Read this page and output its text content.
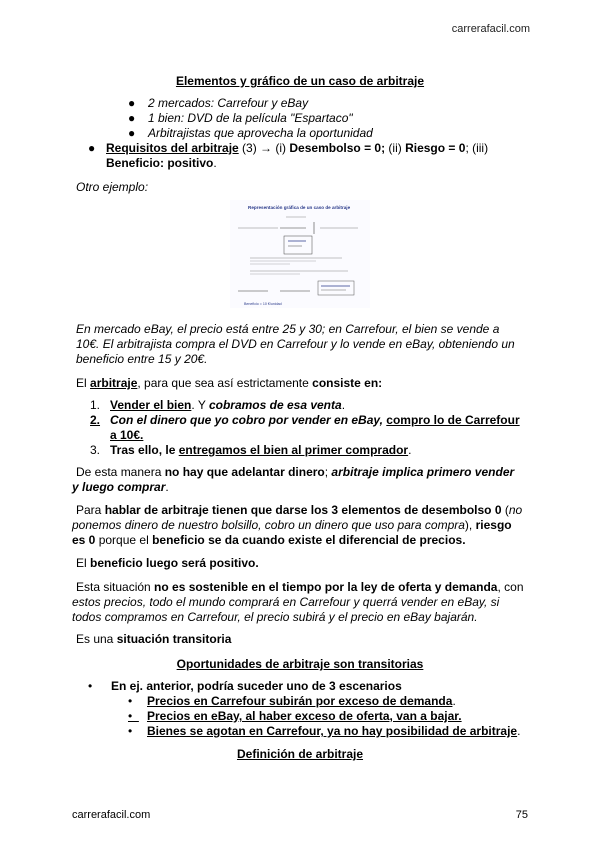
carrerafacil.com
Elementos y gráfico de un caso de arbitraje
● 2 mercados: Carrefour y eBay
● 1 bien: DVD de la película "Espartaco"
● Arbitrajistas que aprovecha la oportunidad
● Requisitos del arbitraje (3) → (i) Desembolso = 0; (ii) Riesgo = 0; (iii)
Beneficio: positivo.
Otro ejemplo:
Representación gráfica de un caso de arbitraje
Beneficio = 10 €/unidad
En mercado eBay, el precio está entre 25 y 30; en Carrefour, el bien se vende a
10€. El arbitrajista compra el DVD en Carrefour y lo vende en eBay, obteniendo un
beneficio entre 15 y 20€.
El arbitraje, para que sea así estrictamente consiste en:
1. Vender el bien. Y cobramos de esa venta.
2. Con el dinero que yo cobro por vender en eBay, compro lo de Carrefour
a 10€.
3. Tras ello, le entregamos el bien al primer comprador.
De esta manera no hay que adelantar dinero; arbitraje implica primero vender
y luego comprar.
Para hablar de arbitraje tienen que darse los 3 elementos de desembolso 0 (no
ponemos dinero de nuestro bolsillo, cobro un dinero que uso para compra), riesgo
es 0 porque el beneficio se da cuando existe el diferencial de precios.
El beneficio luego será positivo.
Esta situación no es sostenible en el tiempo por la ley de oferta y demanda, con
estos precios, todo el mundo comprará en Carrefour y querrá vender en eBay, si
todos compramos en Carrefour, el precio subirá y el precio en eBay bajarán.
Es una situación transitoria
Oportunidades de arbitraje son transitorias
• En ej. anterior, podría suceder uno de 3 escenarios
• Precios en Carrefour subirán por exceso de demanda.
• Precios en eBay, al haber exceso de oferta, van a bajar.
• Bienes se agotan en Carrefour, ya no hay posibilidad de arbitraje.
Definición de arbitraje
carrerafacil.com	75
